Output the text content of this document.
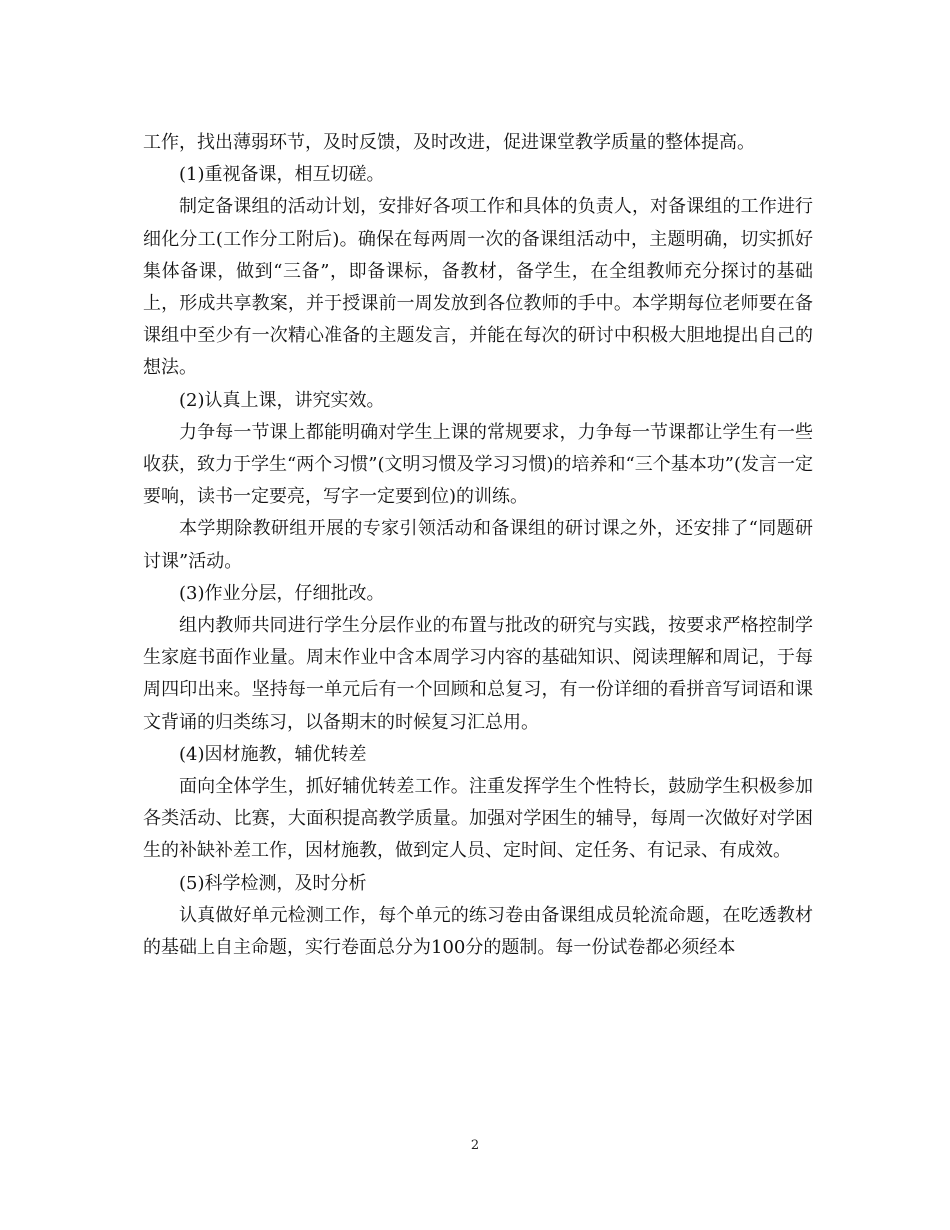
工作，找出薄弱环节，及时反馈，及时改进，促进课堂教学质量的整体提高。

(1)重视备课，相互切磋。

制定备课组的活动计划，安排好各项工作和具体的负责人，对备课组的工作进行细化分工(工作分工附后)。确保在每两周一次的备课组活动中，主题明确，切实抓好集体备课，做到“三备”，即备课标，备教材，备学生，在全组教师充分探讨的基础上，形成共享教案，并于授课前一周发放到各位教师的手中。本学期每位老师要在备课组中至少有一次精心准备的主题发言，并能在每次的研讨中积极大胆地提出自己的想法。

(2)认真上课，讲究实效。

力争每一节课上都能明确对学生上课的常规要求，力争每一节课都让学生有一些收获，致力于学生“两个习惯”(文明习惯及学习习惯)的培养和“三个基本功”(发言一定要响，读书一定要亮，写字一定要到位)的训练。

本学期除教研组开展的专家引领活动和备课组的研讨课之外，还安排了“同题研讨课”活动。

(3)作业分层，仔细批改。

组内教师共同进行学生分层作业的布置与批改的研究与实践，按要求严格控制学生家庭书面作业量。周末作业中含本周学习内容的基础知识、阅读理解和周记，于每周四印出来。坚持每一单元后有一个回顾和总复习，有一份详细的看拼音写词语和课文背诵的归类练习，以备期末的时候复习汇总用。

(4)因材施教，辅优转差

面向全体学生，抓好辅优转差工作。注重发挥学生个性特长，鼓励学生积极参加各类活动、比赛，大面积提高教学质量。加强对学困生的辅导，每周一次做好对学困生的补缺补差工作，因材施教，做到定人员、定时间、定任务、有记录、有成效。

(5)科学检测，及时分析

认真做好单元检测工作，每个单元的练习卷由备课组成员轮流命题，在吃透教材的基础上自主命题，实行卷面总分为100分的题制。每一份试卷都必须经本

2
